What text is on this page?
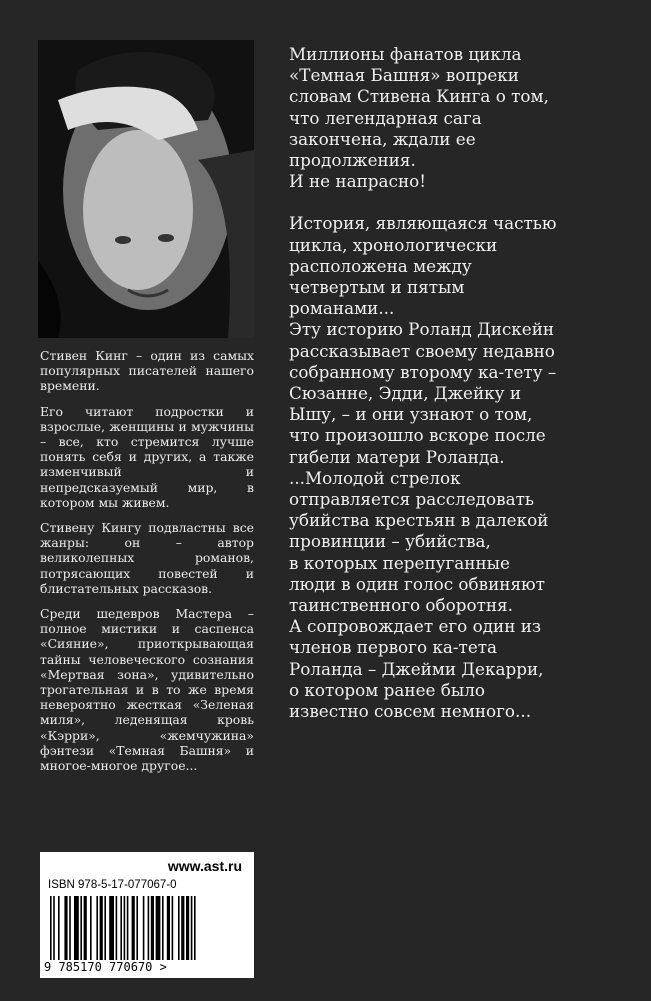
Стивен Кинг – один из самых популярных писателей нашего времени.

Его читают подростки и взрослые, женщины и мужчины – все, кто стремится лучше понять себя и других, а также изменчивый и непредсказуемый мир, в котором мы живем.

Стивену Кингу подвластны все жанры: он – автор великолепных романов, потрясающих повестей и блистательных рассказов.

Среди шедевров Мастера – полное мистики и саспенса «Сияние», приоткрывающая тайны человеческого сознания «Мертвая зона», удивительно трогательная и в то же время невероятно жесткая «Зеленая миля», леденящая кровь «Кэрри», «жемчужина» фэнтези «Темная Башня» и многое-многое другое...

Миллионы фанатов цикла

«Темная Башня» вопреки

словам Стивена Кинга о том,

что легендарная сага

закончена, ждали ее

продолжения.

И не напрасно!

История, являющаяся частью

цикла, хронологически

расположена между

четвертым и пятым

романами...

Эту историю Роланд Дискейн

рассказывает своему недавно

собранному второму ка-тету –

Сюзанне, Эдди, Джейку и

Ышу, – и они узнают о том,

что произошло вскоре после

гибели матери Роланда.

...Молодой стрелок

отправляется расследовать

убийства крестьян в далекой

провинции – убийства,

в которых перепуганные

люди в один голос обвиняют

таинственного оборотня.

А сопровождает его один из

членов первого ка-тета

Роланда – Джейми Декарри,

о котором ранее было

известно совсем немного...

www.ast.ru
ISBN 978-5-17-077067-0
9 785170 770670 >
